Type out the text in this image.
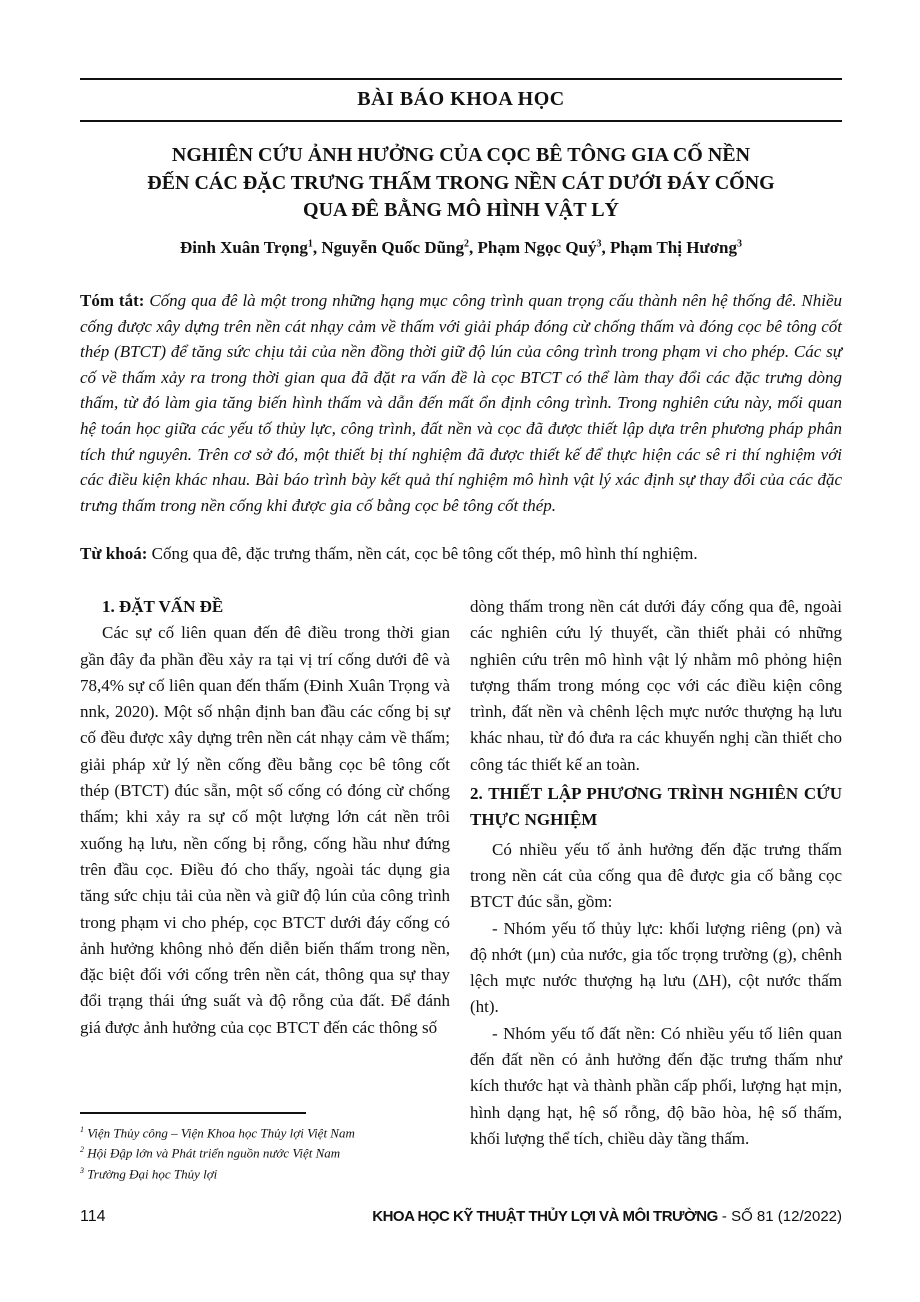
BÀI BÁO KHOA HỌC
NGHIÊN CỨU ẢNH HƯỞNG CỦA CỌC BÊ TÔNG GIA CỐ NỀN
ĐẾN CÁC ĐẶC TRƯNG THẤM TRONG NỀN CÁT DƯỚI ĐÁY CỐNG
QUA ĐÊ BẰNG MÔ HÌNH VẬT LÝ
Đinh Xuân Trọng$^1$, Nguyễn Quốc Dũng$^2$, Phạm Ngọc Quý$^3$, Phạm Thị Hương$^3$
Tóm tắt: Cống qua đê là một trong những hạng mục công trình quan trọng cấu thành nên hệ thống đê. Nhiều cống được xây dựng trên nền cát nhạy cảm về thấm với giải pháp đóng cừ chống thấm và đóng cọc bê tông cốt thép (BTCT) để tăng sức chịu tải của nền đồng thời giữ độ lún của công trình trong phạm vi cho phép. Các sự cố về thấm xảy ra trong thời gian qua đã đặt ra vấn đề là cọc BTCT có thể làm thay đổi các đặc trưng dòng thấm, từ đó làm gia tăng biến hình thấm và dẫn đến mất ổn định công trình. Trong nghiên cứu này, mối quan hệ toán học giữa các yếu tố thủy lực, công trình, đất nền và cọc đã được thiết lập dựa trên phương pháp phân tích thứ nguyên. Trên cơ sở đó, một thiết bị thí nghiệm đã được thiết kế để thực hiện các sê ri thí nghiệm với các điều kiện khác nhau. Bài báo trình bày kết quả thí nghiệm mô hình vật lý xác định sự thay đổi của các đặc trưng thấm trong nền cống khi được gia cố bằng cọc bê tông cốt thép.
Từ khoá: Cống qua đê, đặc trưng thấm, nền cát, cọc bê tông cốt thép, mô hình thí nghiệm.
1. ĐẶT VẤN ĐỀ

Các sự cố liên quan đến đê điều trong thời gian gần đây đa phần đều xảy ra tại vị trí cống dưới đê và 78,4% sự cố liên quan đến thấm (Đinh Xuân Trọng và nnk, 2020). Một số nhận định ban đầu các cống bị sự cố đều được xây dựng trên nền cát nhạy cảm về thấm; giải pháp xử lý nền cống đều bằng cọc bê tông cốt thép (BTCT) đúc sẵn, một số cống có đóng cừ chống thấm; khi xảy ra sự cố một lượng lớn cát nền trôi xuống hạ lưu, nền cống bị rỗng, cống hầu như đứng trên đầu cọc. Điều đó cho thấy, ngoài tác dụng gia tăng sức chịu tải của nền và giữ độ lún của công trình trong phạm vi cho phép, cọc BTCT dưới đáy cống có ảnh hưởng không nhỏ đến diễn biến thấm trong nền, đặc biệt đối với cống trên nền cát, thông qua sự thay đổi trạng thái ứng suất và độ rỗng của đất. Để đánh giá được ảnh hưởng của cọc BTCT đến các thông số

dòng thấm trong nền cát dưới đáy cống qua đê, ngoài các nghiên cứu lý thuyết, cần thiết phải có những nghiên cứu trên mô hình vật lý nhằm mô phỏng hiện tượng thấm trong móng cọc với các điều kiện công trình, đất nền và chênh lệch mực nước thượng hạ lưu khác nhau, từ đó đưa ra các khuyến nghị cần thiết cho công tác thiết kế an toàn.

2. THIẾT LẬP PHƯƠNG TRÌNH NGHIÊN CỨU THỰC NGHIỆM

Có nhiều yếu tố ảnh hưởng đến đặc trưng thấm trong nền cát của cống qua đê được gia cố bằng cọc BTCT đúc sẵn, gồm:

- Nhóm yếu tố thủy lực: khối lượng riêng (ρn) và độ nhớt (μn) của nước, gia tốc trọng trường (g), chênh lệch mực nước thượng hạ lưu (ΔH), cột nước thấm (ht).

- Nhóm yếu tố đất nền: Có nhiều yếu tố liên quan đến đất nền có ảnh hưởng đến đặc trưng thấm như kích thước hạt và thành phần cấp phối, lượng hạt mịn, hình dạng hạt, hệ số rỗng, độ bão hòa, hệ số thấm, khối lượng thể tích, chiều dày tầng thấm.

$^1$ Viện Thủy công – Viện Khoa học Thủy lợi Việt Nam
$^2$ Hội Đập lớn và Phát triển nguồn nước Việt Nam
$^3$ Trường Đại học Thủy lợi
114	KHOA HỌC KỸ THUẬT THỦY LỢI VÀ MÔI TRƯỜNG - SỐ 81 (12/2022)
